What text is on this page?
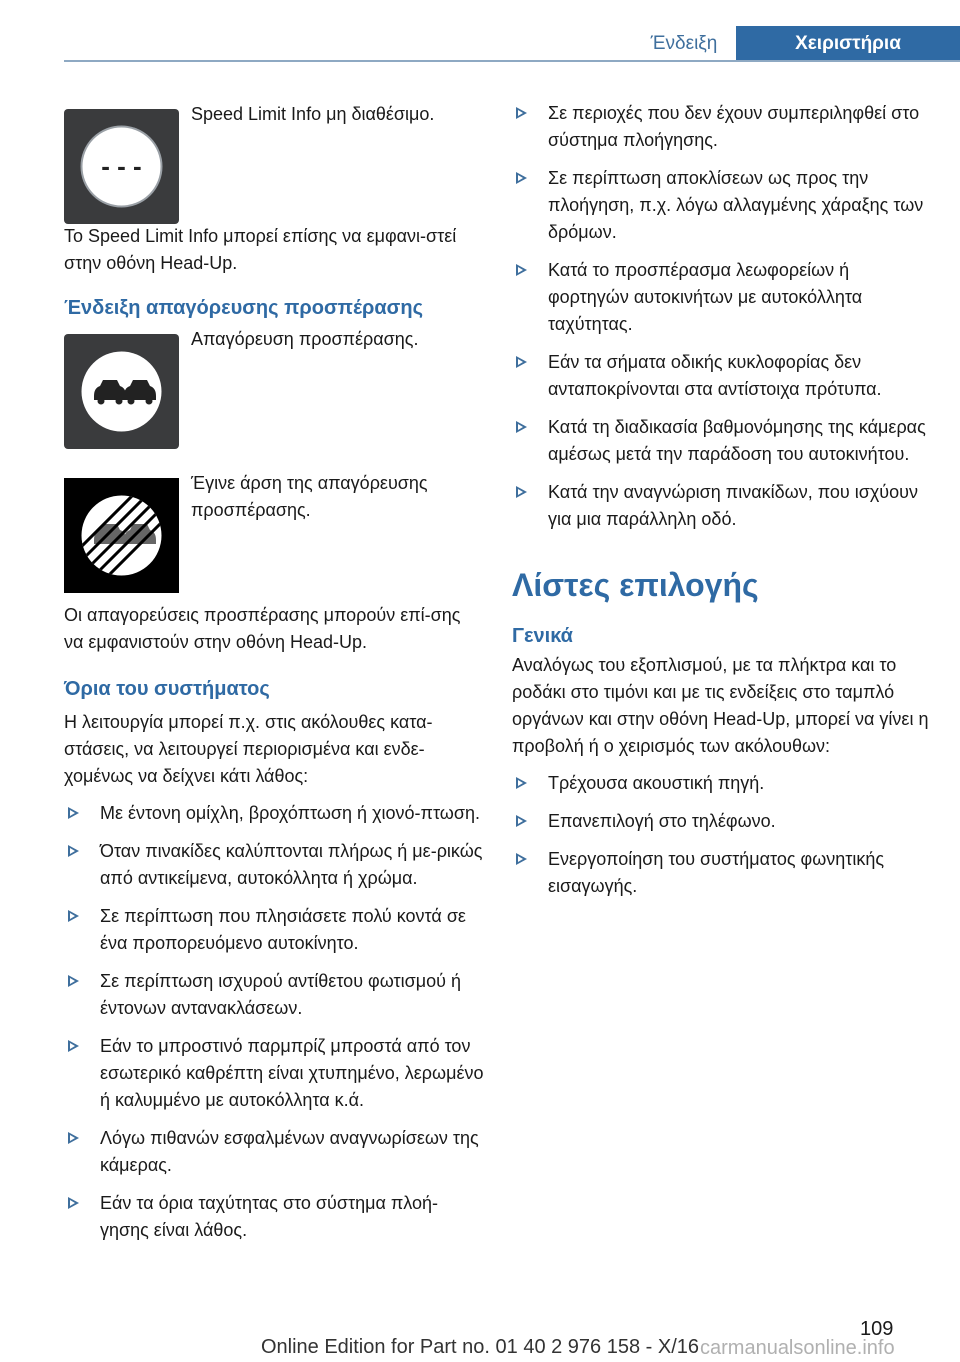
Ένδειξη	Χειριστήρια
- - -
Speed Limit Info μη διαθέσιμο.

Το Speed Limit Info μπορεί επίσης να εμφανι‐στεί στην οθόνη Head-Up.

Ένδειξη απαγόρευσης προσπέρασης
Απαγόρευση προσπέρασης.
Έγινε άρση της απαγόρευσης προσπέρασης.

Οι απαγορεύσεις προσπέρασης μπορούν επί‐σης να εμφανιστούν στην οθόνη Head-Up.

Όρια του συστήματος

Η λειτουργία μπορεί π.χ. στις ακόλουθες κατα‐στάσεις, να λειτουργεί περιορισμένα και ενδε‐χομένως να δείχνει κάτι λάθος:

Με έντονη ομίχλη, βροχόπτωση ή χιονό‐πτωση.
Όταν πινακίδες καλύπτονται πλήρως ή με‐ρικώς από αντικείμενα, αυτοκόλλητα ή χρώμα.
Σε περίπτωση που πλησιάσετε πολύ κοντά σε ένα προπορευόμενο αυτοκίνητο.
Σε περίπτωση ισχυρού αντίθετου φωτισμού ή έντονων αντανακλάσεων.
Εάν το μπροστινό παρμπρίζ μπροστά από τον εσωτερικό καθρέπτη είναι χτυπημένο, λερωμένο ή καλυμμένο με αυτοκόλλητα κ.ά.
Λόγω πιθανών εσφαλμένων αναγνωρίσεων της κάμερας.
Εάν τα όρια ταχύτητας στο σύστημα πλοή‐γησης είναι λάθος.
Σε περιοχές που δεν έχουν συμπεριληφθεί στο σύστημα πλοήγησης.
Σε περίπτωση αποκλίσεων ως προς την πλοήγηση, π.χ. λόγω αλλαγμένης χάραξης των δρόμων.
Κατά το προσπέρασμα λεωφορείων ή φορτηγών αυτοκινήτων με αυτοκόλλητα ταχύτητας.
Εάν τα σήματα οδικής κυκλοφορίας δεν ανταποκρίνονται στα αντίστοιχα πρότυπα.
Κατά τη διαδικασία βαθμονόμησης της κάμερας αμέσως μετά την παράδοση του αυτοκινήτου.
Κατά την αναγνώριση πινακίδων, που ισχύουν για μια παράλληλη οδό.
Λίστες επιλογής
Γενικά

Αναλόγως του εξοπλισμού, με τα πλήκτρα και το ροδάκι στο τιμόνι και με τις ενδείξεις στο ταμπλό οργάνων και στην οθόνη Head-Up, μπορεί να γίνει η προβολή ή ο χειρισμός των ακόλουθων:

Τρέχουσα ακουστική πηγή.
Επανεπιλογή στο τηλέφωνο.
Ενεργοποίηση του συστήματος φωνητικής εισαγωγής.
109
Online Edition for Part no. 01 40 2 976 158 - X/16 carmanualsonline.info
